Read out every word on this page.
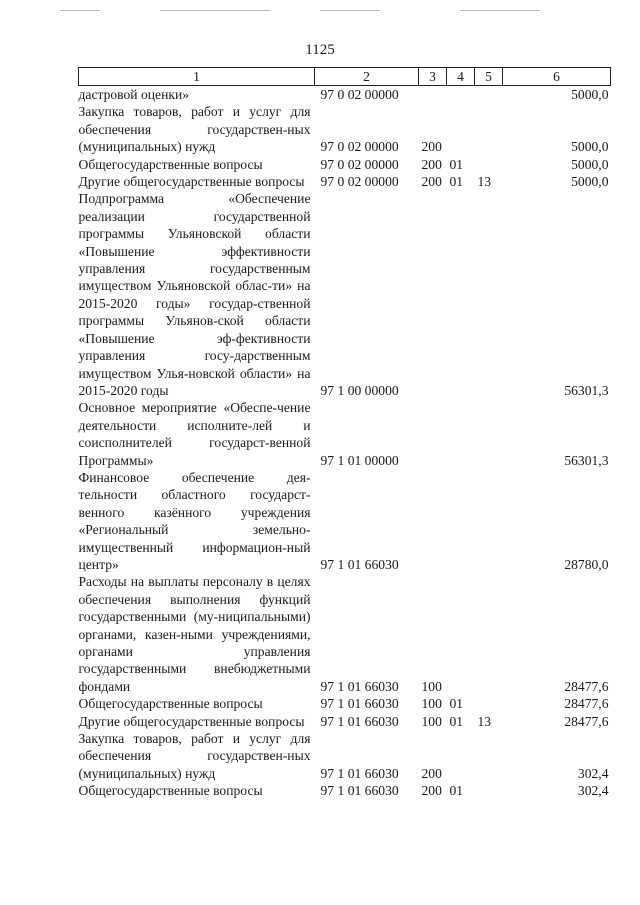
1125
1	2	3	4	5	6
дастровой оценки»	97 0 02 00000				5000,0
Закупка товаров, работ и услуг для обеспечения государствен-ных (муниципальных) нужд	97 0 02 00000	200			5000,0
Общегосударственные вопросы	97 0 02 00000	200	01		5000,0
Другие общегосударственные вопросы	97 0 02 00000	200	01	13	5000,0
Подпрограмма «Обеспечение реализации государственной программы Ульяновской области «Повышение эффективности управления государственным имуществом Ульяновской облас-ти» на 2015-2020 годы» государ-ственной программы Ульянов-ской области «Повышение эф-фективности управления госу-дарственным имуществом Улья-новской области» на 2015-2020 годы	97 1 00 00000				56301,3
Основное мероприятие «Обеспе-чение деятельности исполните-лей и соисполнителей государст-венной Программы»	97 1 01 00000				56301,3
Финансовое обеспечение дея-тельности областного государст-венного казённого учреждения «Региональный земельно-имущественный информацион-ный центр»	97 1 01 66030				28780,0
Расходы на выплаты персоналу в целях обеспечения выполнения функций государственными (му-ниципальными) органами, казен-ными учреждениями, органами управления государственными внебюджетными фондами	97 1 01 66030	100			28477,6
Общегосударственные вопросы	97 1 01 66030	100	01		28477,6
Другие общегосударственные вопросы	97 1 01 66030	100	01	13	28477,6
Закупка товаров, работ и услуг для обеспечения государствен-ных (муниципальных) нужд	97 1 01 66030	200			302,4
Общегосударственные вопросы	97 1 01 66030	200	01		302,4
